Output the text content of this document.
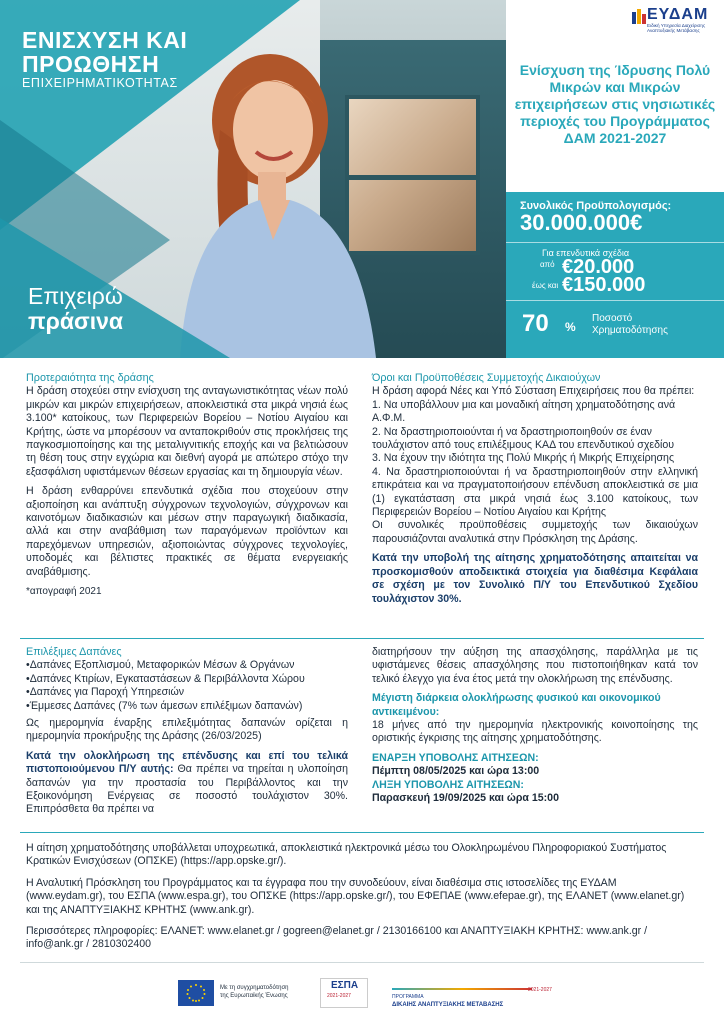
ΕΝΙΣΧΥΣΗ ΚΑΙ
ΠΡΟΩΘΗΣΗ
ΕΠΙΧΕΙΡΗΜΑΤΙΚΟΤΗΤΑΣ
Επιχειρώ
πράσινα
ΕΥΔΑΜ
Ειδική Υπηρεσία Διαχείρισης Αναπτυξιακής Μετάβασης
Ενίσχυση της Ίδρυσης Πολύ Μικρών και Μικρών επιχειρήσεων στις νησιωτικές περιοχές του Προγράμματος ΔΑΜ 2021-2027
Συνολικός Προϋπολογισμός:
30.000.000€
Για επενδυτικά σχέδια
από €20.000
έως και €150.000
70 %
Ποσοστό
Χρηματοδότησης
Προτεραιότητα της δράσης

Η δράση στοχεύει στην ενίσχυση της ανταγωνιστικότητας νέων πολύ μικρών και μικρών επιχειρήσεων, αποκλειστικά στα μικρά νησιά έως 3.100* κατοίκους, των Περιφερειών Βορείου – Νοτίου Αιγαίου και Κρήτης, ώστε να μπορέσουν να ανταποκριθούν στις προκλήσεις της παγκοσμιοποίησης και της μεταλιγνιτικής εποχής και να βελτιώσουν τη θέση τους στην εγχώρια και διεθνή αγορά με απώτερο στόχο την εξασφάλιση υφιστάμενων θέσεων εργασίας και τη δημιουργία νέων.

Η δράση ενθαρρύνει επενδυτικά σχέδια που στοχεύουν στην αξιοποίηση και ανάπτυξη σύγχρονων τεχνολογιών, σύγχρονων και καινοτόμων διαδικασιών και μέσων στην παραγωγική διαδικασία, αλλά και στην αναβάθμιση των παραγόμενων προϊόντων και παρεχόμενων υπηρεσιών, αξιοποιώντας σύγχρονες τεχνολογίες, υποδομές και βέλτιστες πρακτικές σε θέματα ενεργειακής αναβάθμισης.

*απογραφή 2021
Όροι και Προϋποθέσεις Συμμετοχής Δικαιούχων
Η δράση αφορά Νέες και Υπό Σύσταση Επιχειρήσεις που θα πρέπει:
1. Να υποβάλλουν μια και μοναδική αίτηση χρηματοδότησης ανά Α.Φ.Μ.
2. Να δραστηριοποιούνται ή να δραστηριοποιηθούν σε έναν τουλάχιστον από τους επιλέξιμους ΚΑΔ του επενδυτικού σχεδίου
3. Να έχουν την ιδιότητα της Πολύ Μικρής ή Μικρής Επιχείρησης
4. Να δραστηριοποιούνται ή να δραστηριοποιηθούν στην ελληνική επικράτεια και να πραγματοποιήσουν επένδυση αποκλειστικά σε μια (1) εγκατάσταση στα μικρά νησιά έως 3.100 κατοίκους, των Περιφερειών Βορείου – Νοτίου Αιγαίου και Κρήτης

Οι συνολικές προϋποθέσεις συμμετοχής των δικαιούχων παρουσιάζονται αναλυτικά στην Πρόσκληση της Δράσης.

Κατά την υποβολή της αίτησης χρηματοδότησης απαιτείται να προσκομισθούν αποδεικτικά στοιχεία για διαθέσιμα Κεφάλαια σε σχέση με τον Συνολικό Π/Υ του Επενδυτικού Σχεδίου τουλάχιστον 30%.

Επιλέξιμες Δαπάνες
•Δαπάνες Εξοπλισμού, Μεταφορικών Μέσων & Οργάνων
•Δαπάνες Κτιρίων, Εγκαταστάσεων & Περιβάλλοντα Χώρου
•Δαπάνες για Παροχή Υπηρεσιών
•Έμμεσες Δαπάνες (7% των άμεσων επιλέξιμων δαπανών)

Ως ημερομηνία έναρξης επιλεξιμότητας δαπανών ορίζεται η ημερομηνία προκήρυξης της Δράσης (26/03/2025)

Κατά την ολοκλήρωση της επένδυσης και επί του τελικά πιστοποιούμενου Π/Υ αυτής: Θα πρέπει να τηρείται η υλοποίηση δαπανών για την προστασία του Περιβάλλοντος και την Εξοικονόμηση Ενέργειας σε ποσοστό τουλάχιστον 30%. Επιπρόσθετα θα πρέπει να

διατηρήσουν την αύξηση της απασχόλησης, παράλληλα με τις υφιστάμενες θέσεις απασχόλησης που πιστοποιήθηκαν κατά τον τελικό έλεγχο για ένα έτος μετά την ολοκλήρωση της επένδυσης.

Μέγιστη διάρκεια ολοκλήρωσης φυσικού και οικονομικού αντικειμένου:

18 μήνες από την ημερομηνία ηλεκτρονικής κοινοποίησης της οριστικής έγκρισης της αίτησης χρηματοδότησης.

ΕΝΑΡΞΗ ΥΠΟΒΟΛΗΣ ΑΙΤΗΣΕΩΝ:
Πέμπτη 08/05/2025 και ώρα 13:00
ΛΗΞΗ ΥΠΟΒΟΛΗΣ ΑΙΤΗΣΕΩΝ:
Παρασκευή 19/09/2025 και ώρα 15:00

Η αίτηση χρηματοδότησης υποβάλλεται υποχρεωτικά, αποκλειστικά ηλεκτρονικά μέσω του Ολοκληρωμένου Πληροφοριακού Συστήματος Κρατικών Ενισχύσεων (ΟΠΣΚΕ) (https://app.opske.gr/).

Η Αναλυτική Πρόσκληση του Προγράμματος και τα έγγραφα που την συνοδεύουν, είναι διαθέσιμα στις ιστοσελίδες της ΕΥΔΑΜ (www.eydam.gr), του ΕΣΠΑ (www.espa.gr), του ΟΠΣΚΕ (https://app.opske.gr/), του ΕΦΕΠΑΕ (www.efepae.gr), της ΕΛΑΝΕΤ (www.elanet.gr) και της ΑΝΑΠΤΥΞΙΑΚΗΣ ΚΡΗΤΗΣ (www.ank.gr).

Περισσότερες πληροφορίες: ΕΛΑΝΕΤ: www.elanet.gr / gogreen@elanet.gr / 2130166100 και ΑΝΑΠΤΥΞΙΑΚΗ ΚΡΗΤΗΣ: www.ank.gr / info@ank.gr / 2810302400

Με τη συγχρηματοδότηση
της Ευρωπαϊκής Ένωσης
ΕΣΠΑ
2021-2027
2021-2027
ΠΡΟΓΡΑΜΜΑ
ΔΙΚΑΙΗΣ ΑΝΑΠΤΥΞΙΑΚΗΣ ΜΕΤΑΒΑΣΗΣ
